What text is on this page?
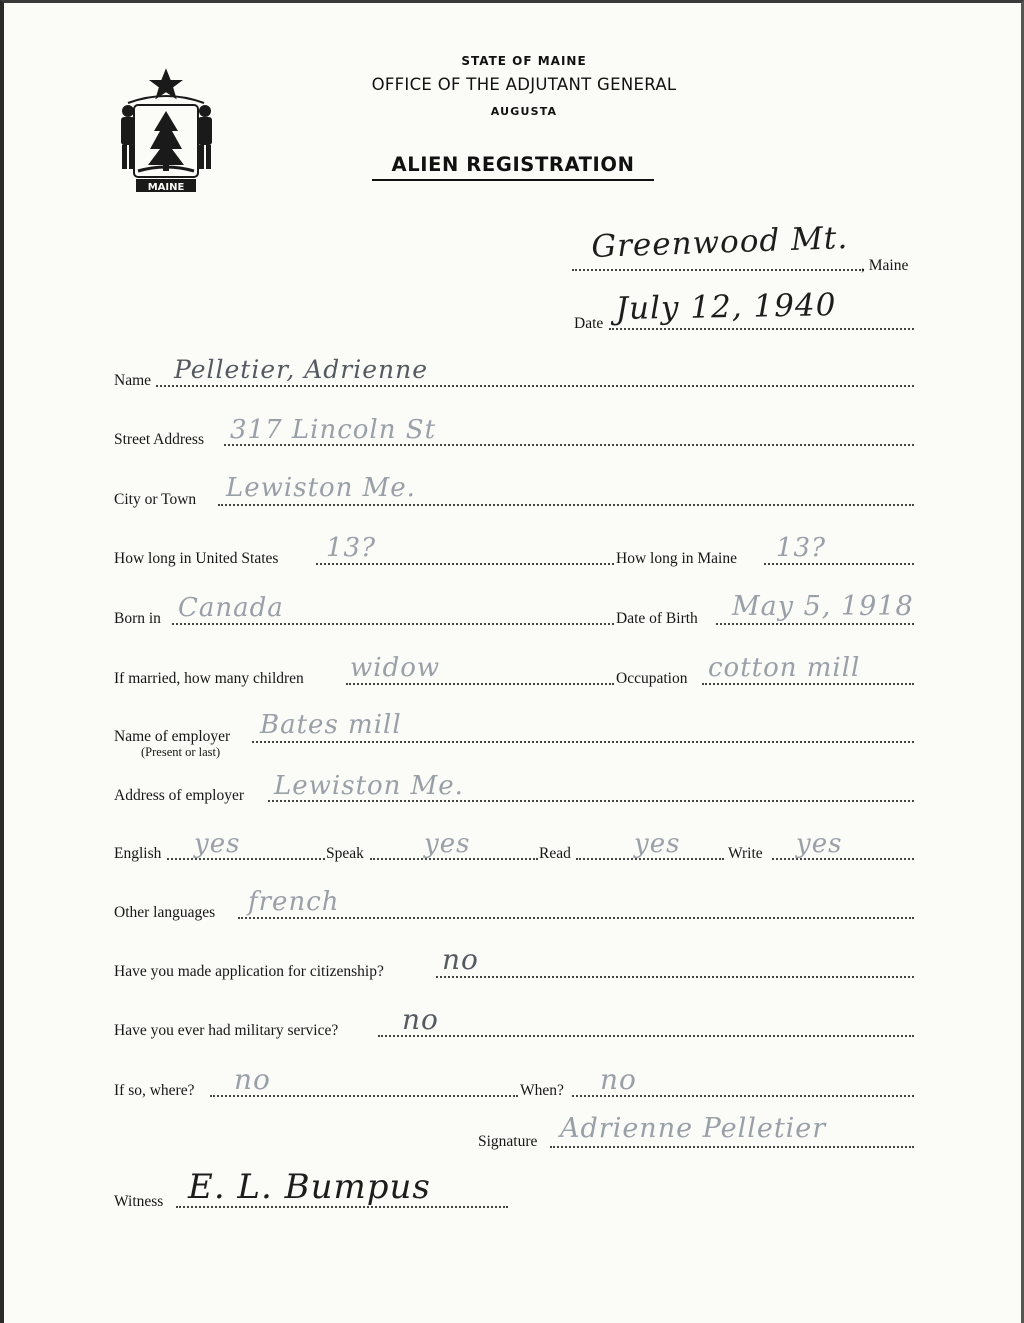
MAINE
STATE OF MAINE
OFFICE OF THE ADJUTANT GENERAL
AUGUSTA
ALIEN REGISTRATION
Greenwood Mt.
, Maine
Date July 12, 1940
Name Pelletier, Adrienne
Street Address 317 Lincoln St
City or Town Lewiston Me.
How long in United States 13?	How long in Maine 13?
Born in Canada	Date of Birth May 5, 1918
If married, how many children widow	Occupation cotton mill
Name of employer
(Present or last)
Bates mill
Address of employer Lewiston Me.
English yes	Speak yes	Read yes	Write yes
Other languages french
Have you made application for citizenship? no
Have you ever had military service? no
If so, where? no	When? no
Signature Adrienne Pelletier
Witness E. L. Bumpus
